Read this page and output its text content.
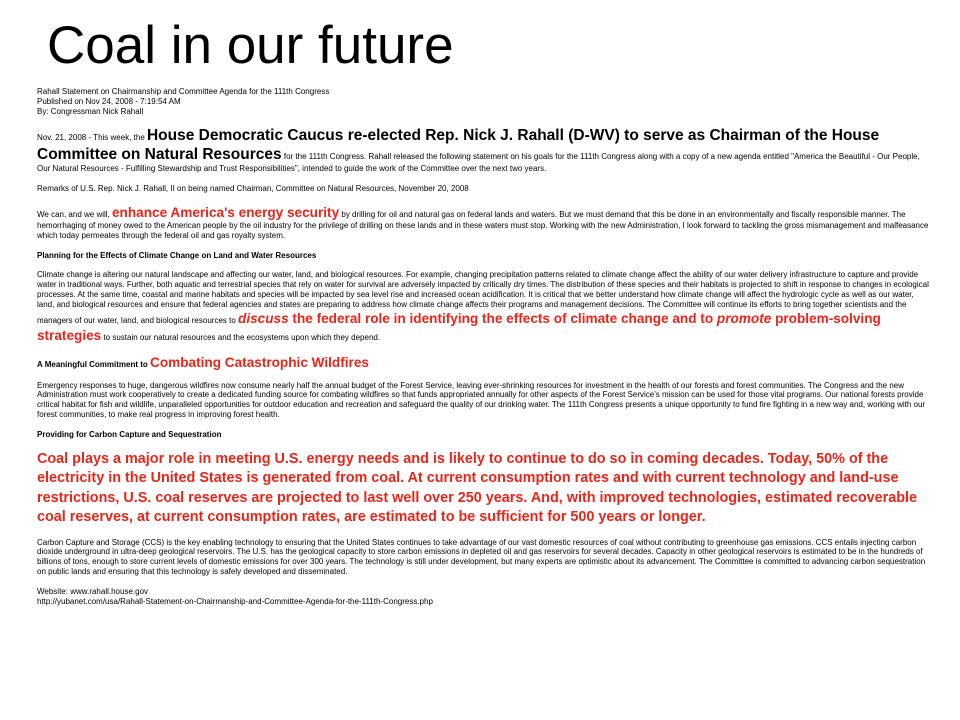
Coal in our future

Rahall Statement on Chairmanship and Committee Agenda for the 111th Congress

Published on Nov 24, 2008 - 7:19:54 AM

By: Congressman Nick Rahall

Nov. 21, 2008 - This week, the House Democratic Caucus re-elected Rep. Nick J. Rahall (D-WV) to serve as Chairman of the House Committee on Natural Resources for the 111th Congress. Rahall released the following statement on his goals for the 111th Congress along with a copy of a new agenda entitled "America the Beautiful - Our People, Our Natural Resources - Fulfilling Stewardship and Trust Responsibilities", intended to guide the work of the Committee over the next two years.

Remarks of U.S. Rep. Nick J. Rahall, II on being named Chairman, Committee on Natural Resources, November 20, 2008

We can, and we will, enhance America's energy security by drilling for oil and natural gas on federal lands and waters. But we must demand that this be done in an environmentally and fiscally responsible manner. The hemorrhaging of money owed to the American people by the oil industry for the privilege of drilling on these lands and in these waters must stop. Working with the new Administration, I look forward to tackling the gross mismanagement and malfeasance which today permeates through the federal oil and gas royalty system.

Planning for the Effects of Climate Change on Land and Water Resources

Climate change is altering our natural landscape and affecting our water, land, and biological resources. For example, changing precipitation patterns related to climate change affect the ability of our water delivery infrastructure to capture and provide water in traditional ways. Further, both aquatic and terrestrial species that rely on water for survival are adversely impacted by critically dry times. The distribution of these species and their habitats is projected to shift in response to changes in ecological processes. At the same time, coastal and marine habitats and species will be impacted by sea level rise and increased ocean acidification. It is critical that we better understand how climate change will affect the hydrologic cycle as well as our water, land, and biological resources and ensure that federal agencies and states are preparing to address how climate change affects their programs and management decisions. The Committee will continue its efforts to bring together scientists and the managers of our water, land, and biological resources to discuss the federal role in identifying the effects of climate change and to promote problem-solving strategies to sustain our natural resources and the ecosystems upon which they depend.

A Meaningful Commitment to Combating Catastrophic Wildfires

Emergency responses to huge, dangerous wildfires now consume nearly half the annual budget of the Forest Service, leaving ever-shrinking resources for investment in the health of our forests and forest communities. The Congress and the new Administration must work cooperatively to create a dedicated funding source for combating wildfires so that funds appropriated annually for other aspects of the Forest Service's mission can be used for those vital programs. Our national forests provide critical habitat for fish and wildlife, unparalleled opportunities for outdoor education and recreation and safeguard the quality of our drinking water. The 111th Congress presents a unique opportunity to fund fire fighting in a new way and, working with our forest communities, to make real progress in improving forest health.

Providing for Carbon Capture and Sequestration

Coal plays a major role in meeting U.S. energy needs and is likely to continue to do so in coming decades. Today, 50% of the electricity in the United States is generated from coal. At current consumption rates and with current technology and land-use restrictions, U.S. coal reserves are projected to last well over 250 years. And, with improved technologies, estimated recoverable coal reserves, at current consumption rates, are estimated to be sufficient for 500 years or longer.

Carbon Capture and Storage (CCS) is the key enabling technology to ensuring that the United States continues to take advantage of our vast domestic resources of coal without contributing to greenhouse gas emissions. CCS entails injecting carbon dioxide underground in ultra-deep geological reservoirs. The U.S. has the geological capacity to store carbon emissions in depleted oil and gas reservoirs for several decades. Capacity in other geological reservoirs is estimated to be in the hundreds of billions of tons, enough to store current levels of domestic emissions for over 300 years. The technology is still under development, but many experts are optimistic about its advancement. The Committee is committed to advancing carbon sequestration on public lands and ensuring that this technology is safely developed and disseminated.

Website: www.rahall.house.gov

http://yubanet.com/usa/Rahall-Statement-on-Chairmanship-and-Committee-Agenda-for-the-111th-Congress.php
